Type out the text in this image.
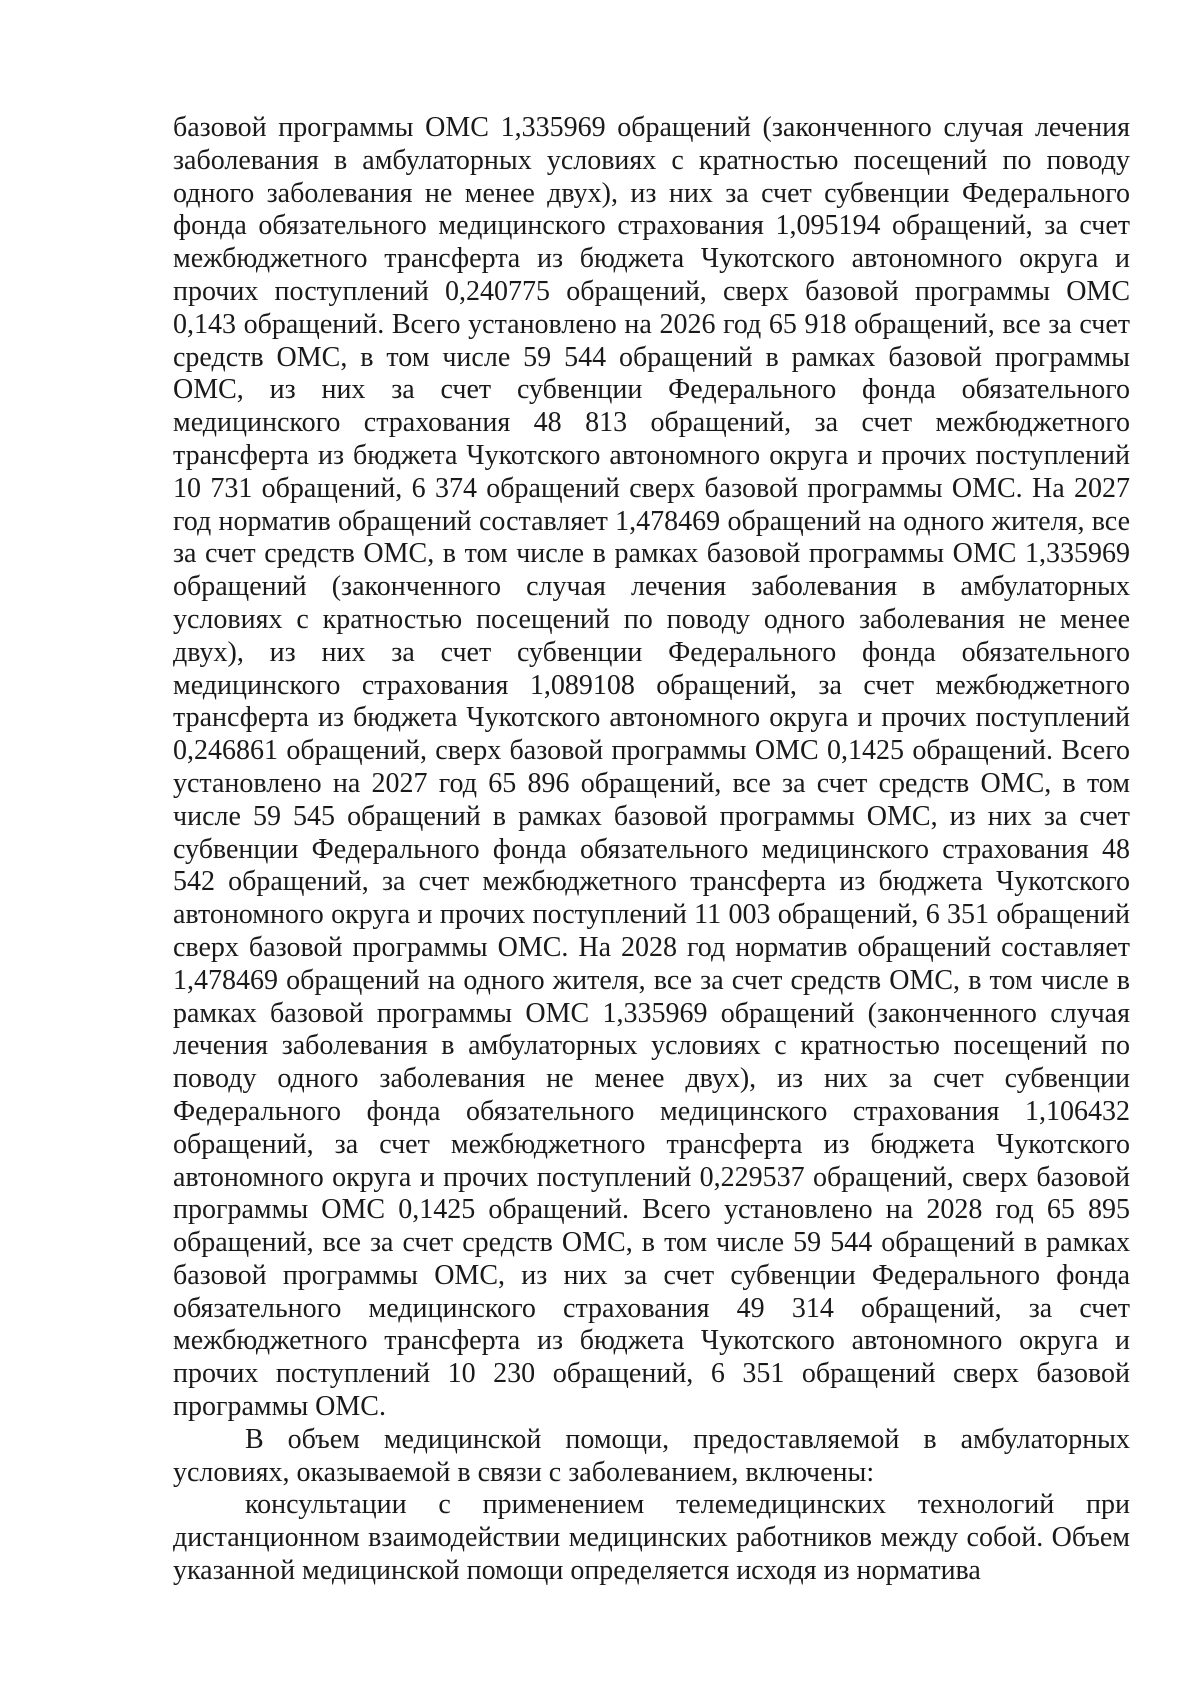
базовой программы ОМС 1,335969 обращений (законченного случая лечения заболевания в амбулаторных условиях с кратностью посещений по поводу одного заболевания не менее двух), из них за счет субвенции Федерального фонда обязательного медицинского страхования 1,095194 обращений, за счет межбюджетного трансферта из бюджета Чукотского автономного округа и прочих поступлений 0,240775 обращений, сверх базовой программы ОМС 0,143 обращений. Всего установлено на 2026 год 65 918 обращений, все за счет средств ОМС, в том числе 59 544 обращений в рамках базовой программы ОМС, из них за счет субвенции Федерального фонда обязательного медицинского страхования 48 813 обращений, за счет межбюджетного трансферта из бюджета Чукотского автономного округа и прочих поступлений 10 731 обращений, 6 374 обращений сверх базовой программы ОМС. На 2027 год норматив обращений составляет 1,478469 обращений на одного жителя, все за счет средств ОМС, в том числе в рамках базовой программы ОМС 1,335969 обращений (законченного случая лечения заболевания в амбулаторных условиях с кратностью посещений по поводу одного заболевания не менее двух), из них за счет субвенции Федерального фонда обязательного медицинского страхования 1,089108 обращений, за счет межбюджетного трансферта из бюджета Чукотского автономного округа и прочих поступлений 0,246861 обращений, сверх базовой программы ОМС 0,1425 обращений. Всего установлено на 2027 год 65 896 обращений, все за счет средств ОМС, в том числе 59 545 обращений в рамках базовой программы ОМС, из них за счет субвенции Федерального фонда обязательного медицинского страхования 48 542 обращений, за счет межбюджетного трансферта из бюджета Чукотского автономного округа и прочих поступлений 11 003 обращений, 6 351 обращений сверх базовой программы ОМС. На 2028 год норматив обращений составляет 1,478469 обращений на одного жителя, все за счет средств ОМС, в том числе в рамках базовой программы ОМС 1,335969 обращений (законченного случая лечения заболевания в амбулаторных условиях с кратностью посещений по поводу одного заболевания не менее двух), из них за счет субвенции Федерального фонда обязательного медицинского страхования 1,106432 обращений, за счет межбюджетного трансферта из бюджета Чукотского автономного округа и прочих поступлений 0,229537 обращений, сверх базовой программы ОМС 0,1425 обращений. Всего установлено на 2028 год 65 895 обращений, все за счет средств ОМС, в том числе 59 544 обращений в рамках базовой программы ОМС, из них за счет субвенции Федерального фонда обязательного медицинского страхования 49 314 обращений, за счет межбюджетного трансферта из бюджета Чукотского автономного округа и прочих поступлений 10 230 обращений, 6 351 обращений сверх базовой программы ОМС.

В объем медицинской помощи, предоставляемой в амбулаторных условиях, оказываемой в связи с заболеванием, включены:

консультации с применением телемедицинских технологий при дистанционном взаимодействии медицинских работников между собой. Объем указанной медицинской помощи определяется исходя из норматива
